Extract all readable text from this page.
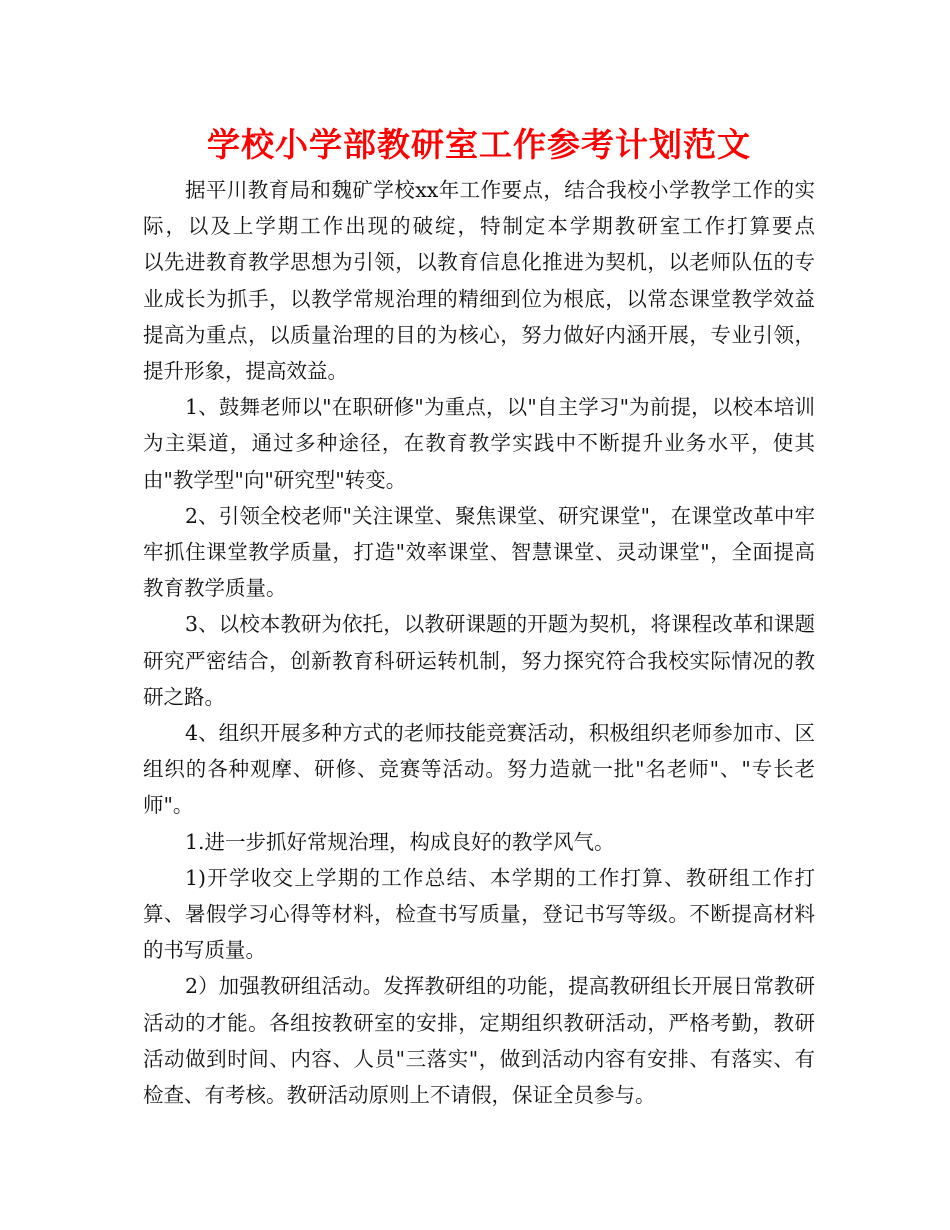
学校小学部教研室工作参考计划范文

据平川教育局和魏矿学校xx年工作要点，结合我校小学教学工作的实际，以及上学期工作出现的破绽，特制定本学期教研室工作打算要点　　以先进教育教学思想为引领，以教育信息化推进为契机，以老师队伍的专业成长为抓手，以教学常规治理的精细到位为根底，以常态课堂教学效益提高为重点，以质量治理的目的为核心，努力做好内涵开展，专业引领，提升形象，提高效益。

1、鼓舞老师以"在职研修"为重点，以"自主学习"为前提，以校本培训为主渠道，通过多种途径，在教育教学实践中不断提升业务水平，使其由"教学型"向"研究型"转变。

2、引领全校老师"关注课堂、聚焦课堂、研究课堂"，在课堂改革中牢牢抓住课堂教学质量，打造"效率课堂、智慧课堂、灵动课堂"，全面提高教育教学质量。

3、以校本教研为依托，以教研课题的开题为契机，将课程改革和课题研究严密结合，创新教育科研运转机制，努力探究符合我校实际情况的教研之路。

4、组织开展多种方式的老师技能竞赛活动，积极组织老师参加市、区组织的各种观摩、研修、竞赛等活动。努力造就一批"名老师"、"专长老师"。

1.进一步抓好常规治理，构成良好的教学风气。

1)开学收交上学期的工作总结、本学期的工作打算、教研组工作打算、暑假学习心得等材料，检查书写质量，登记书写等级。不断提高材料的书写质量。

2）加强教研组活动。发挥教研组的功能，提高教研组长开展日常教研活动的才能。各组按教研室的安排，定期组织教研活动，严格考勤，教研活动做到时间、内容、人员"三落实"，做到活动内容有安排、有落实、有检查、有考核。教研活动原则上不请假，保证全员参与。
